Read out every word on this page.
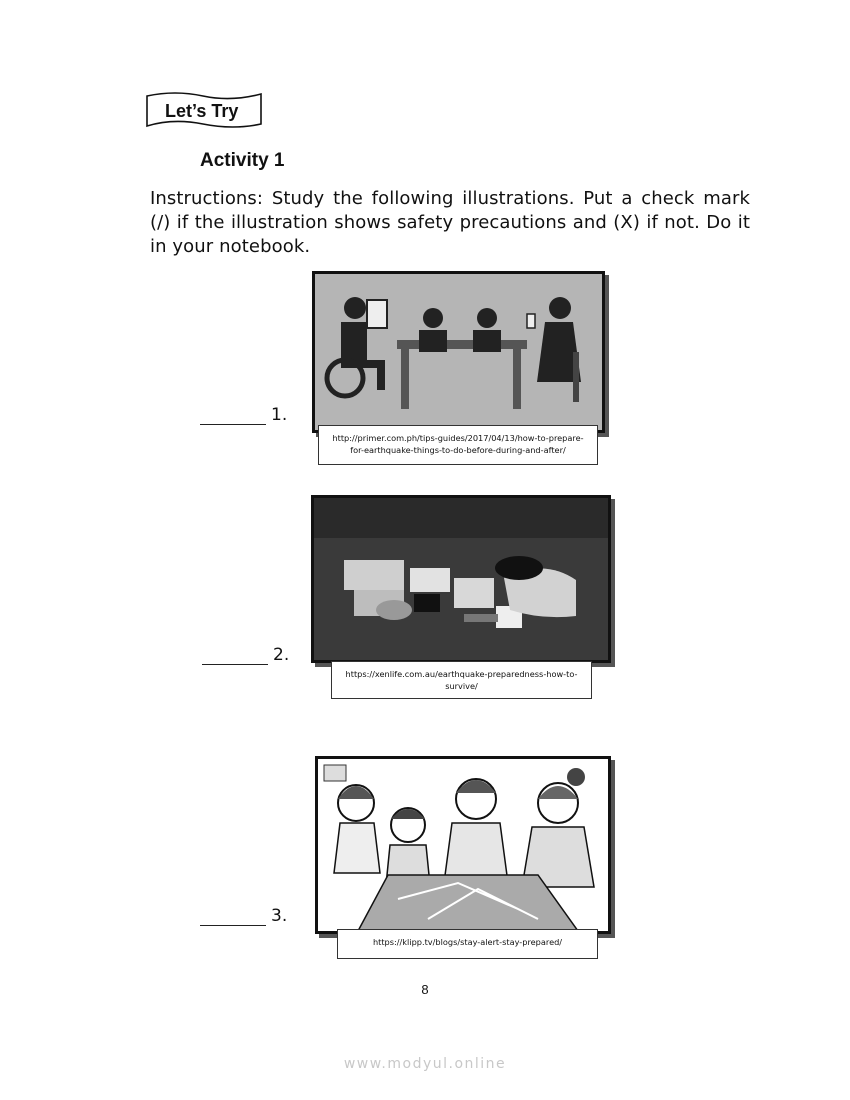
Let’s Try
Activity 1

Instructions: Study the following illustrations. Put a check mark (/) if the illustration shows safety precautions and (X) if not. Do it in your notebook.

1.
http://primer.com.ph/tips-guides/2017/04/13/how-to-prepare-
for-earthquake-things-to-do-before-during-and-after/
2.
https://xenlife.com.au/earthquake-preparedness-how-to-
survive/
3.
https://klipp.tv/blogs/stay-alert-stay-prepared/
8
www.modyul.online
